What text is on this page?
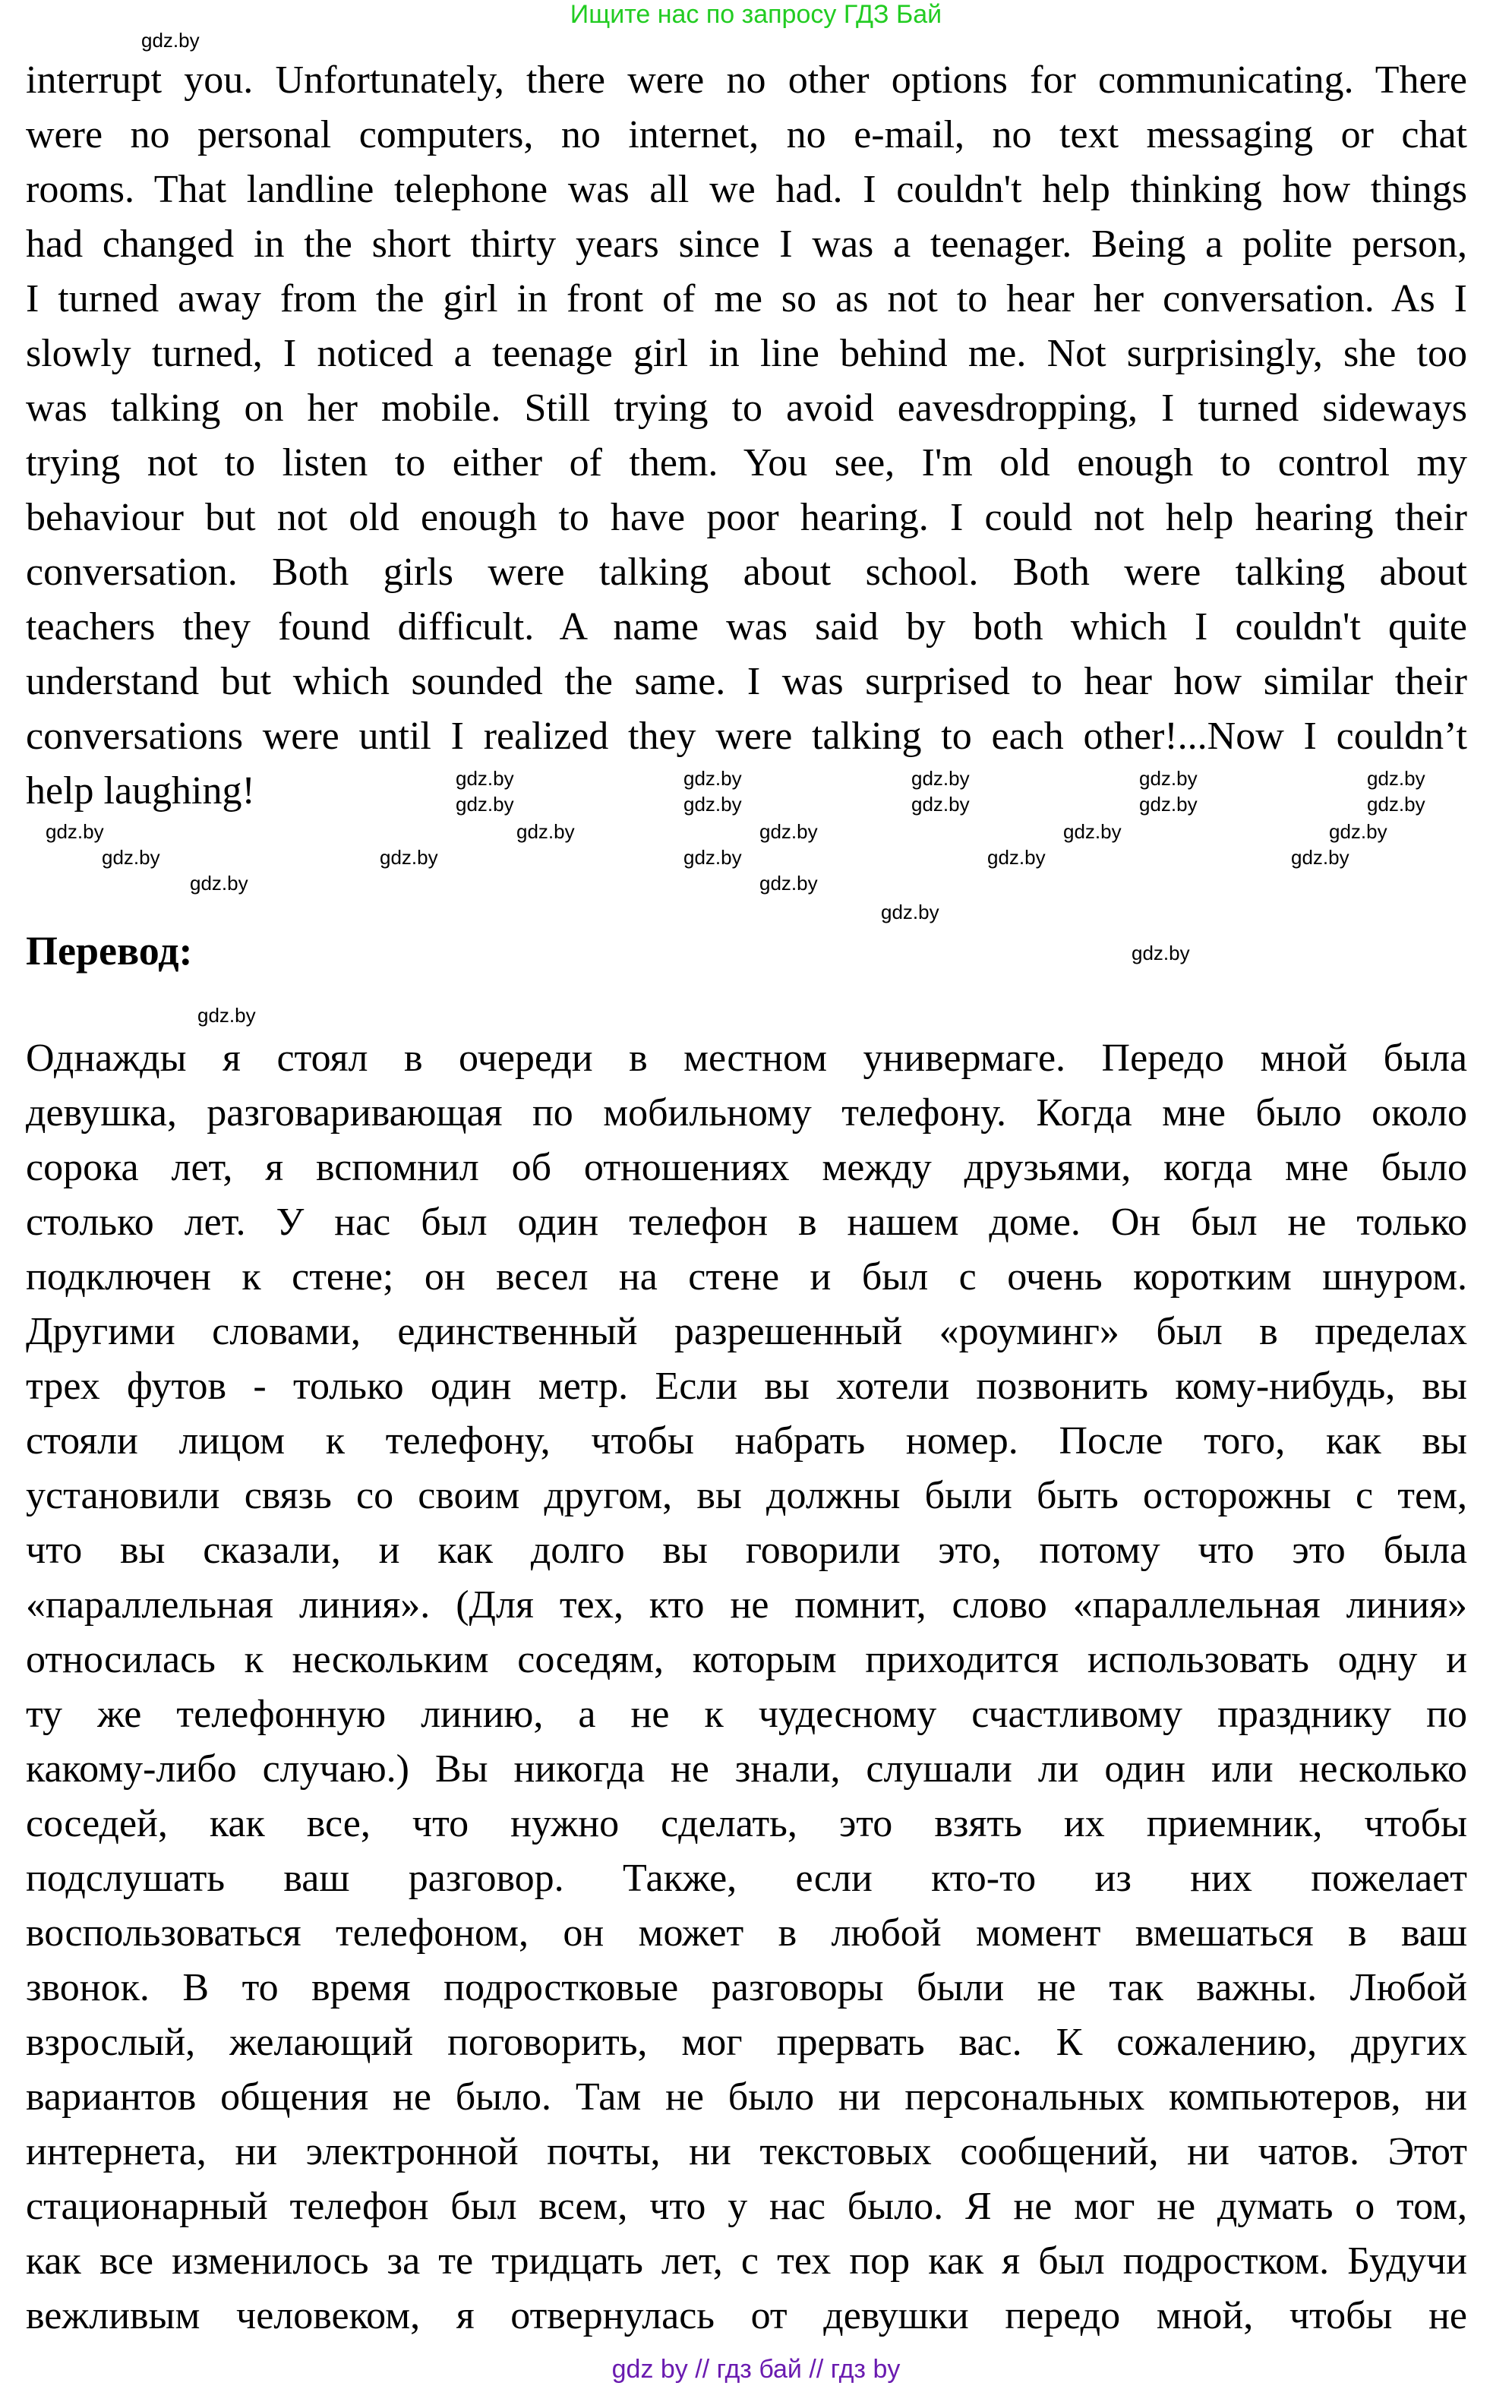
Ищите нас по запросу ГДЗ Бай
interrupt you. Unfortunately, there were no other options for communicating. There
were no personal computers, no internet, no e-mail, no text messaging or chat
rooms. That landline telephone was all we had. I couldn't help thinking how things
had changed in the short thirty years since I was a teenager. Being a polite person,
I turned away from the girl in front of me so as not to hear her conversation. As I
slowly turned, I noticed a teenage girl in line behind me. Not surprisingly, she too
was talking on her mobile. Still trying to avoid eavesdropping, I turned sideways
trying not to listen to either of them. You see, I'm old enough to control my
behaviour but not old enough to have poor hearing. I could not help hearing their
conversation. Both girls were talking about school. Both were talking about
teachers they found difficult. A name was said by both which I couldn't quite
understand but which sounded the same. I was surprised to hear how similar their
conversations were until I realized they were talking to each other!...Now I couldn’t
help laughing!
Перевод:
Однажды я стоял в очереди в местном универмаге. Передо мной была
девушка, разговаривающая по мобильному телефону. Когда мне было около
сорока лет, я вспомнил об отношениях между друзьями, когда мне было
столько лет. У нас был один телефон в нашем доме. Он был не только
подключен к стене; он весел на стене и был с очень коротким шнуром.
Другими словами, единственный разрешенный «роуминг» был в пределах
трех футов - только один метр. Если вы хотели позвонить кому-нибудь, вы
стояли лицом к телефону, чтобы набрать номер. После того, как вы
установили связь со своим другом, вы должны были быть осторожны с тем,
что вы сказали, и как долго вы говорили это, потому что это была
«параллельная линия». (Для тех, кто не помнит, слово «параллельная линия»
относилась к нескольким соседям, которым приходится использовать одну и
ту же телефонную линию, а не к чудесному счастливому празднику по
какому-либо случаю.) Вы никогда не знали, слушали ли один или несколько
соседей, как все, что нужно сделать, это взять их приемник, чтобы
подслушать ваш разговор. Также, если кто-то из них пожелает
воспользоваться телефоном, он может в любой момент вмешаться в ваш
звонок. В то время подростковые разговоры были не так важны. Любой
взрослый, желающий поговорить, мог прервать вас. К сожалению, других
вариантов общения не было. Там не было ни персональных компьютеров, ни
интернета, ни электронной почты, ни текстовых сообщений, ни чатов. Этот
стационарный телефон был всем, что у нас было. Я не мог не думать о том,
как все изменилось за те тридцать лет, с тех пор как я был подростком. Будучи
вежливым человеком, я отвернулась от девушки передо мной, чтобы не
gdz.by
gdz.by	gdz.by	gdz.by	gdz.by	gdz.by
gdz.by	gdz.by	gdz.by	gdz.by	gdz.by
gdz.by	gdz.by	gdz.by	gdz.by	gdz.by
gdz.by	gdz.by	gdz.by	gdz.by	gdz.by
gdz.by	gdz.by
gdz.by
gdz.by
gdz.by
gdz by // гдз бай // гдз by
